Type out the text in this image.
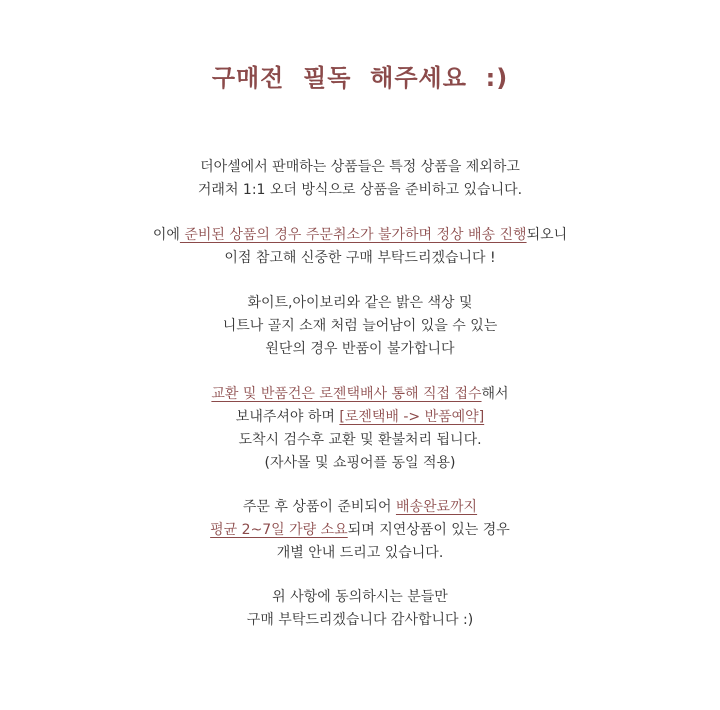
구매전  필독  해주세요  :)
더아셀에서 판매하는 상품들은 특정 상품을 제외하고
거래처 1:1 오더 방식으로 상품을 준비하고 있습니다.
이에 준비된 상품의 경우 주문취소가 불가하며 정상 배송 진행되오니
이점 참고해 신중한 구매 부탁드리겠습니다 !
화이트,아이보리와 같은 밝은 색상 및
니트나 골지 소재 처럼 늘어남이 있을 수 있는
원단의 경우 반품이 불가합니다
교환 및 반품건은 로젠택배사 통해 직접 접수해서
보내주셔야 하며 [로젠택배 -> 반품예약]
도착시 검수후 교환 및 환불처리 됩니다.
(자사몰 및 쇼핑어플 동일 적용)
주문 후 상품이 준비되어 배송완료까지
평균 2~7일 가량 소요되며 지연상품이 있는 경우
개별 안내 드리고 있습니다.
위 사항에 동의하시는 분들만
구매 부탁드리겠습니다 감사합니다 :)
